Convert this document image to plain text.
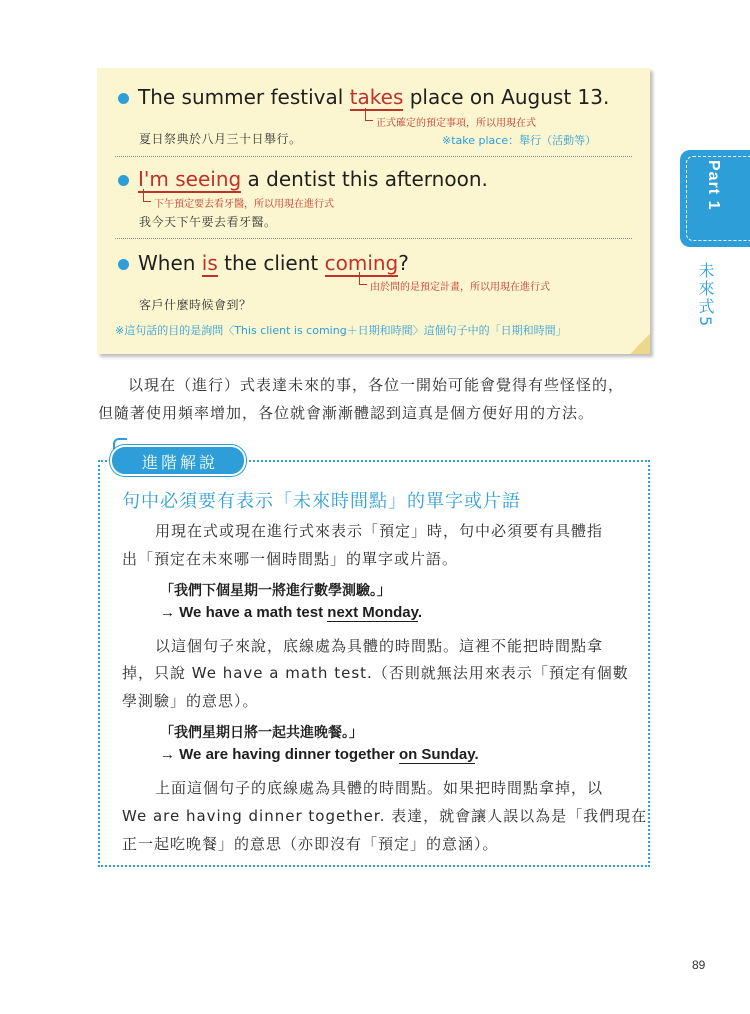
The summer festival takes place on August 13.
正式確定的預定事項，所以用現在式
夏日祭典於八月三十日舉行。	※take place：舉行（活動等）
I'm seeing a dentist this afternoon.
下午預定要去看牙醫，所以用現在進行式
我今天下午要去看牙醫。
When is the client coming?
由於問的是預定計畫，所以用現在進行式
客戶什麼時候會到？
※這句話的目的是詢問〈This client is coming＋日期和時間〉這個句子中的「日期和時間」
Part 1
未來式5
以現在（進行）式表達未來的事，各位一開始可能會覺得有些怪怪的，
但隨著使用頻率增加，各位就會漸漸體認到這真是個方便好用的方法。
進階解說
句中必須要有表示「未來時間點」的單字或片語
用現在式或現在進行式來表示「預定」時，句中必須要有具體指
出「預定在未來哪一個時間點」的單字或片語。
「我們下個星期一將進行數學測驗。」
→ We have a math test next Monday.
以這個句子來說，底線處為具體的時間點。這裡不能把時間點拿
掉，只說 We have a math test.（否則就無法用來表示「預定有個數
學測驗」的意思）。
「我們星期日將一起共進晚餐。」
→ We are having dinner together on Sunday.
上面這個句子的底線處為具體的時間點。如果把時間點拿掉，以
We are having dinner together. 表達，就會讓人誤以為是「我們現在
正一起吃晚餐」的意思（亦即沒有「預定」的意涵）。
89
